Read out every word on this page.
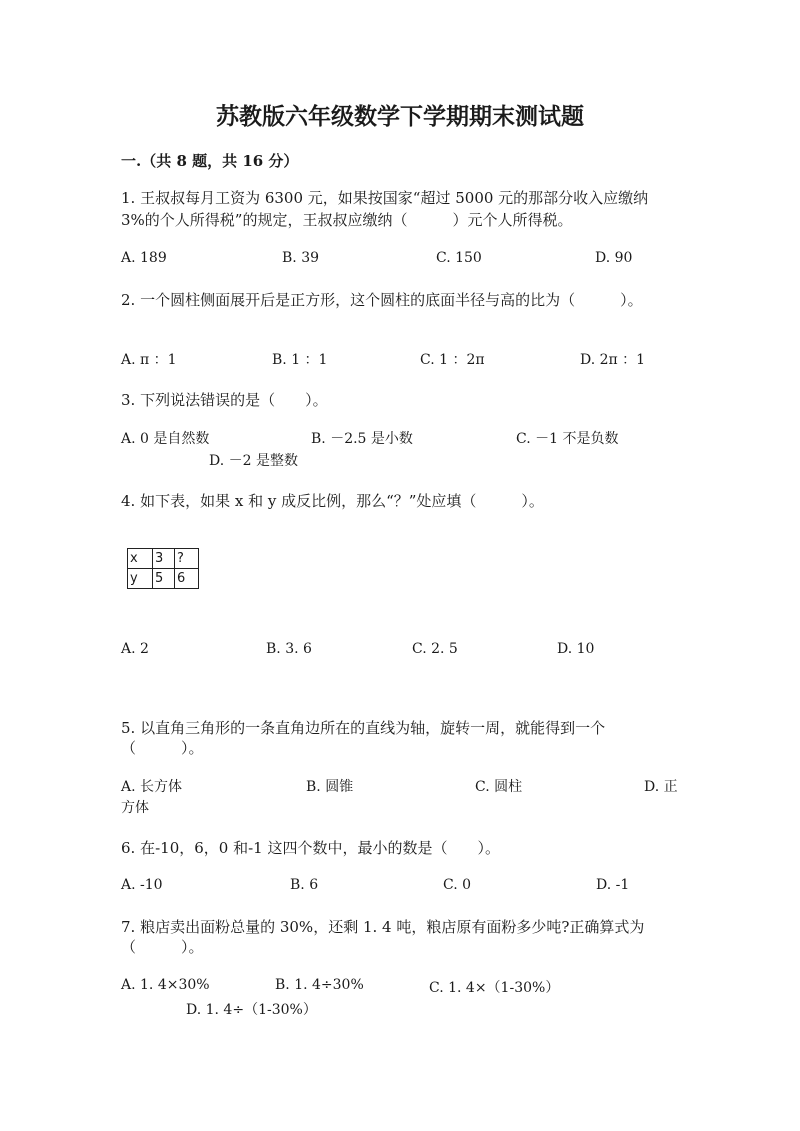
苏教版六年级数学下学期期末测试题
一.（共 8 题，共 16 分）
1. 王叔叔每月工资为 6300 元，如果按国家“超过 5000 元的那部分收入应缴纳
3%的个人所得税”的规定，王叔叔应缴纳（　　　）元个人所得税。
A. 189	B. 39	C. 150	D. 90
2. 一个圆柱侧面展开后是正方形，这个圆柱的底面半径与高的比为（　　　）。
A. π ：1	B. 1 ：1	C. 1 ：2π	D. 2π ：1
3. 下列说法错误的是（　　）。
A. 0 是自然数	B. －2.5 是小数	C. －1 不是负数
D. －2 是整数
4. 如下表，如果 x 和 y 成反比例，那么“？”处应填（　　　）。
x	3	?
y	5	6
A. 2	B. 3. 6	C. 2. 5	D. 10
5. 以直角三角形的一条直角边所在的直线为轴，旋转一周，就能得到一个
（　　　）。
A. 长方体	B. 圆锥	C. 圆柱	D. 正
方体
6. 在-10，6，0 和-1 这四个数中，最小的数是（　　）。
A. -10	B. 6	C. 0	D. -1
7. 粮店卖出面粉总量的 30%，还剩 1. 4 吨，粮店原有面粉多少吨?正确算式为
（　　　）。
A. 1. 4×30%	B. 1. 4÷30%	C. 1. 4×（1-30%）
D. 1. 4÷（1-30%）
